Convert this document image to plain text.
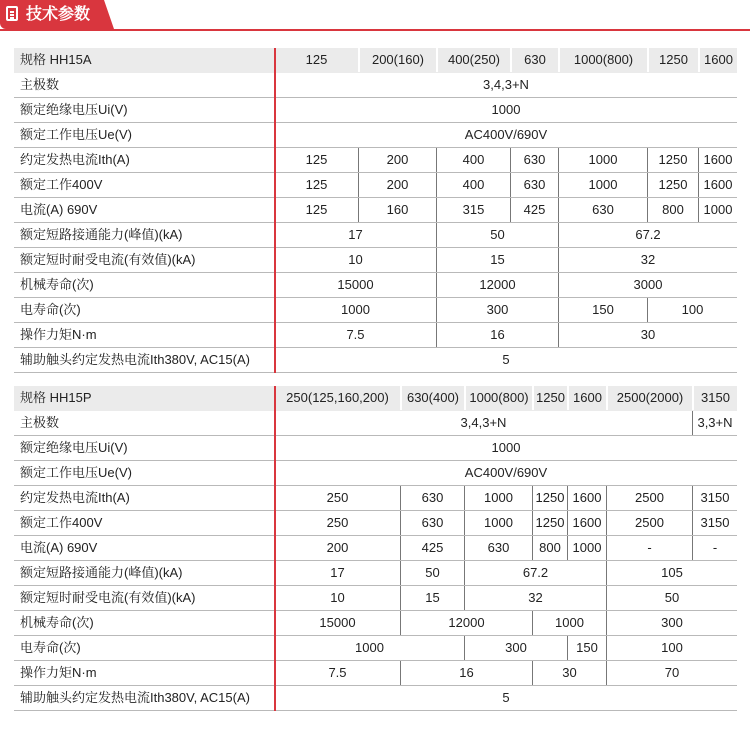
技术参数
规格 HH15A	125	200(160)	400(250)	630	1000(800)	1250	1600
主极数	3,4,3+N
额定绝缘电压Ui(V)	1000
额定工作电压Ue(V)	AC400V/690V
约定发热电流Ith(A)	125	200	400	630	1000	1250	1600
额定工作400V	125	200	400	630	1000	1250	1600
电流(A) 690V	125	160	315	425	630	800	1000
额定短路接通能力(峰值)(kA)	17	50	67.2
额定短时耐受电流(有效值)(kA)	10	15	32
机械寿命(次)	15000	12000	3000
电寿命(次)	1000	300	150	100
操作力矩N·m	7.5	16	30
辅助触头约定发热电流Ith380V, AC15(A)	5
规格 HH15P	250(125,160,200)	630(400) 1000(800) 1250 1600	2500(2000)	3150
主极数	3,4,3+N	3,3+N
额定绝缘电压Ui(V)	1000
额定工作电压Ue(V)	AC400V/690V
约定发热电流Ith(A)	250	630	1000	1250 1600	2500	3150
额定工作400V	250	630	1000	1250 1600	2500	3150
电流(A) 690V	200	425	630	800 1000	-	-
额定短路接通能力(峰值)(kA)	17	50	67.2	105
额定短时耐受电流(有效值)(kA)	10	15	32	50
机械寿命(次)	15000	12000	1000	300
电寿命(次)	1000	300	150	100
操作力矩N·m	7.5	16	30	70
辅助触头约定发热电流Ith380V, AC15(A)	5
